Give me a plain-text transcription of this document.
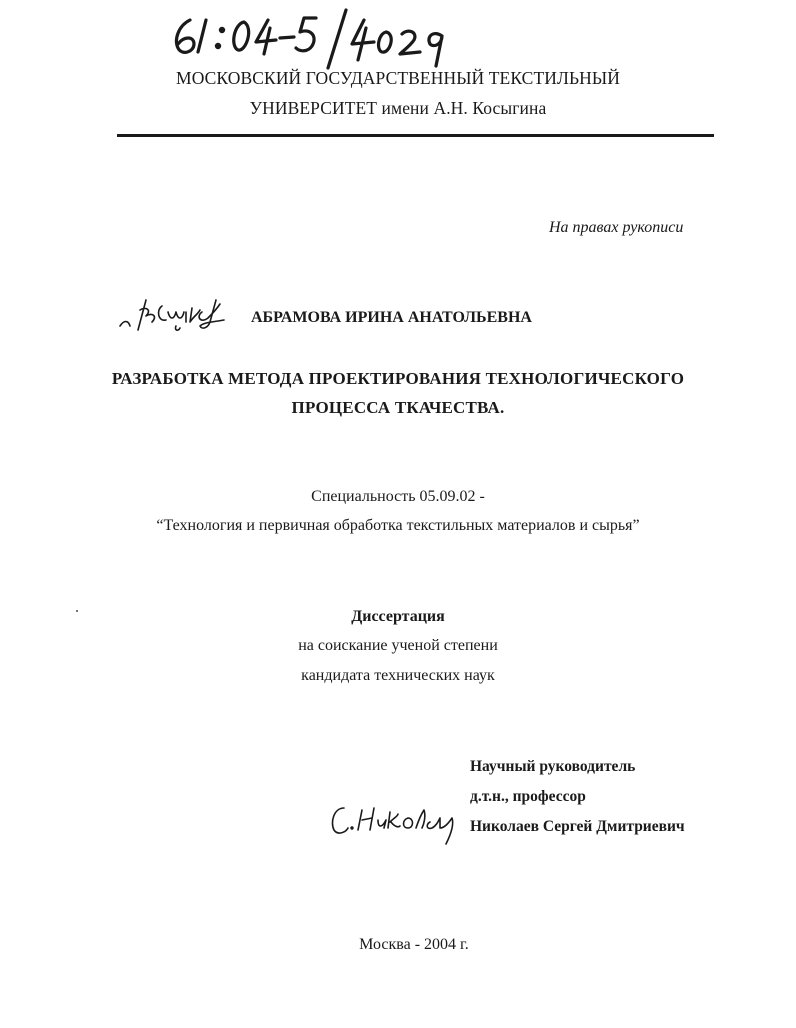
МОСКОВСКИЙ ГОСУДАРСТВЕННЫЙ ТЕКСТИЛЬНЫЙ
УНИВЕРСИТЕТ имени А.Н. Косыгина
На правах рукописи
АБРАМОВА ИРИНА АНАТОЛЬЕВНА
РАЗРАБОТКА МЕТОДА ПРОЕКТИРОВАНИЯ ТЕХНОЛОГИЧЕСКОГО
ПРОЦЕССА ТКАЧЕСТВА.
Специальность 05.09.02 -
“Технология и первичная обработка текстильных материалов и сырья”
Диссертация
на соискание ученой степени
кандидата технических наук
Научный руководитель
д.т.н., профессор
Николаев Сергей Дмитриевич
Москва - 2004 г.
